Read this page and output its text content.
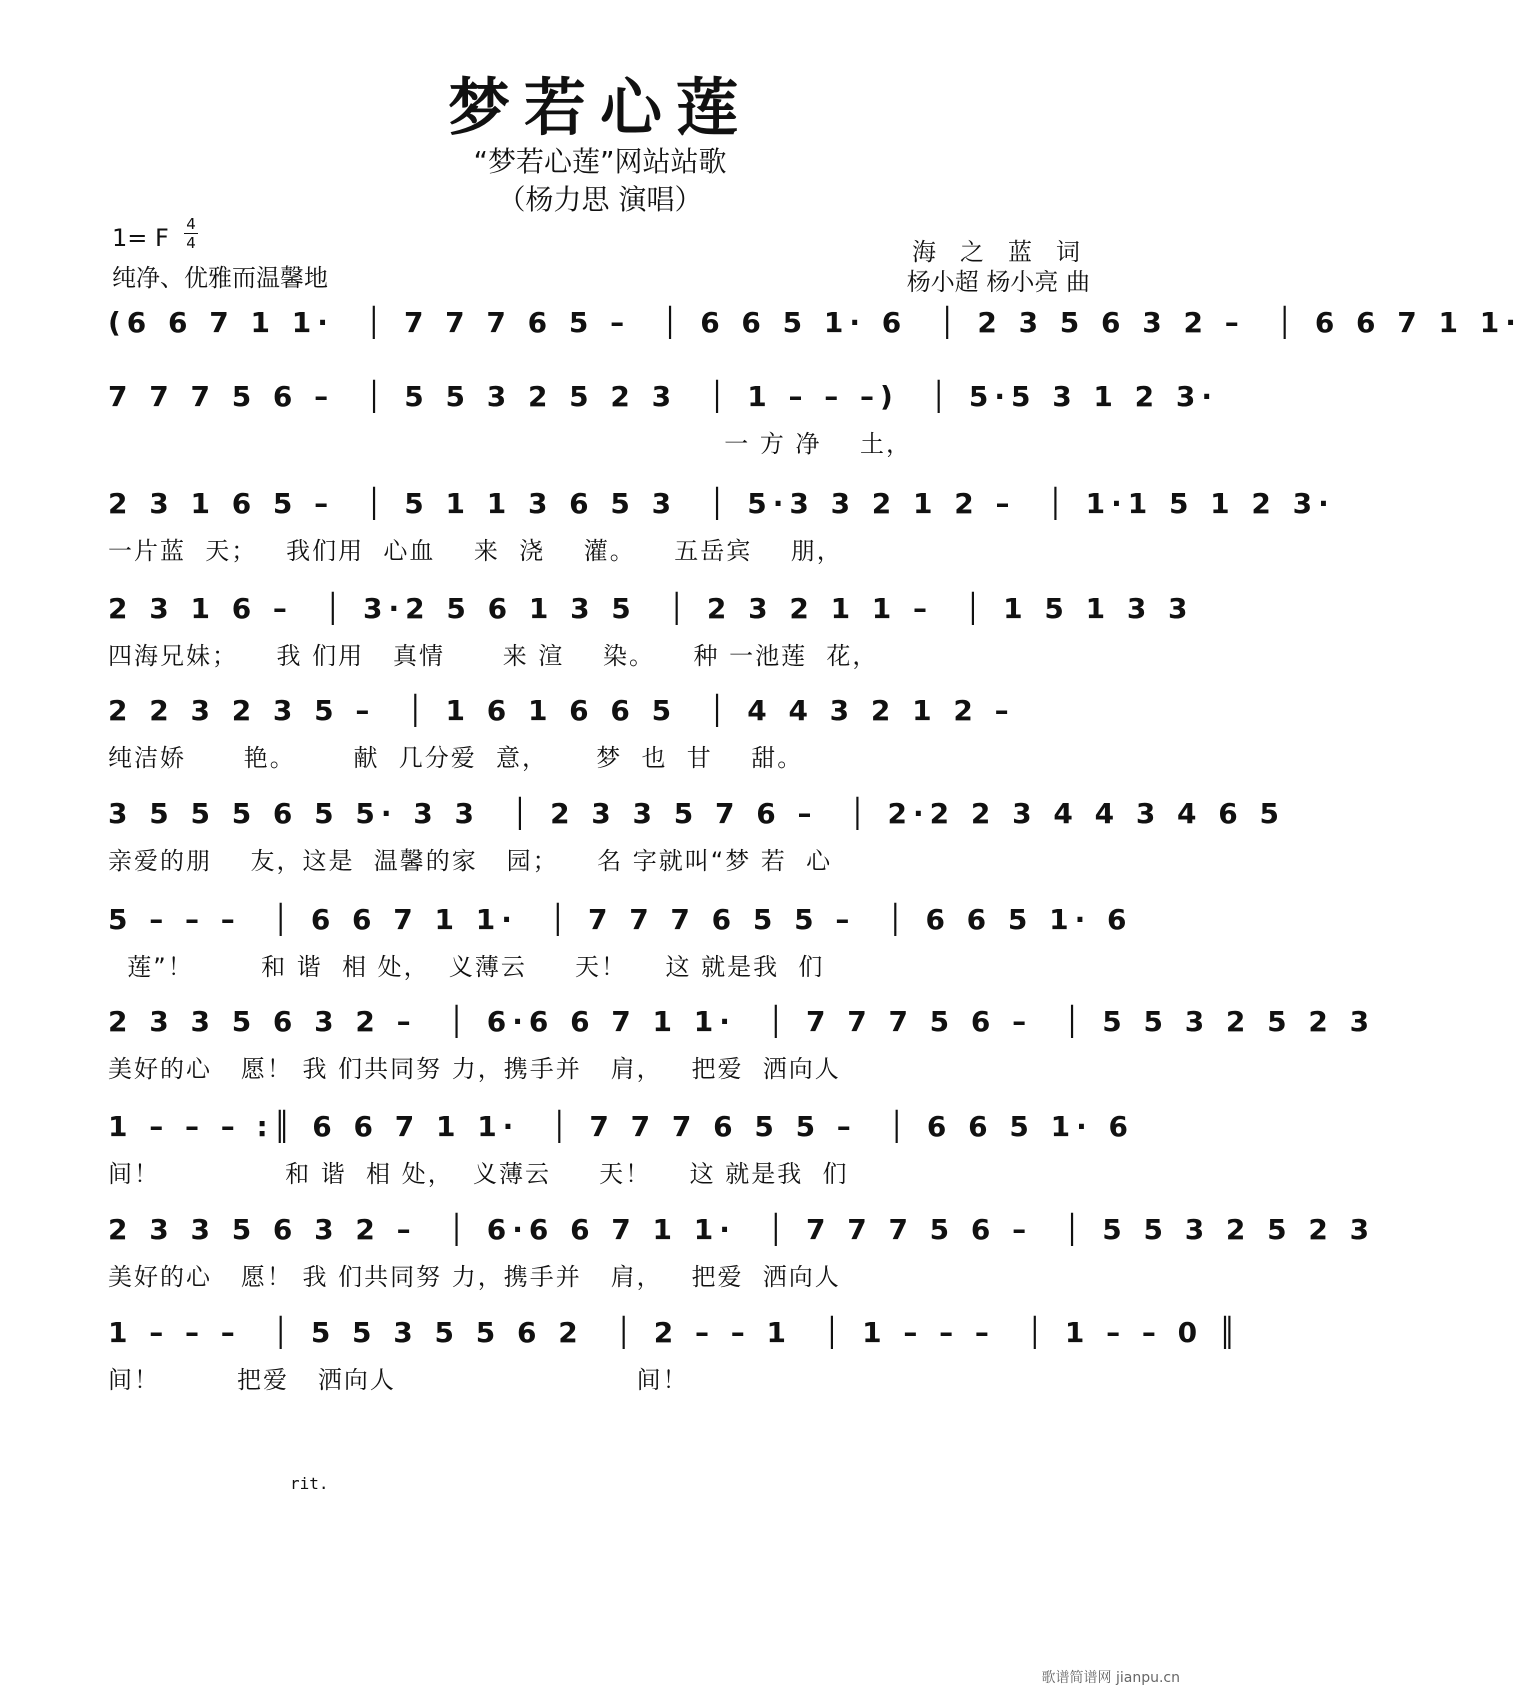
梦若心莲
“梦若心莲”网站站歌
（杨力思 演唱）
1= F 4
4
纯净、优雅而温馨地
海之蓝词
杨小超 杨小亮 曲
rit.
(6 6 7 1 1·  │ 7 7 7 6 5 –  │ 6 6 5 1· 6  │ 2 3 5 6 3 2 –  │ 6 6 7 1 1·
7 7 7 5 6 –  │ 5 5 3 2 5 2 3  │ 1 – – –)  │ 5·5 3 1 2 3·
一 方 净    土，
2 3 1 6 5 –  │ 5 1 1 3 6 5 3  │ 5·3 3 2 1 2 –  │ 1·1 5 1 2 3·
一片蓝  天；   我们用  心血    来  浇    灌。    五岳宾    朋，
2 3 1 6 –  │ 3·2 5 6 1 3 5  │ 2 3 2 1 1 –  │ 1 5 1 3 3
四海兄妹；    我 们用   真情      来 渲    染。    种 一池莲  花，
2 2 3 2 3 5 –  │ 1 6 1 6 6 5  │ 4 4 3 2 1 2 –
纯洁娇      艳。      献  几分爱  意，     梦  也  甘    甜。
3 5 5 5 6 5 5· 3 3  │ 2 3 3 5 7 6 –  │ 2·2 2 3 4 4 3 4 6 5
亲爱的朋    友，这是  温馨的家   园；    名 字就叫“梦 若  心
5 – – –  │ 6 6 7 1 1·  │ 7 7 7 6 5 5 –  │ 6 6 5 1· 6
莲”！       和 谐  相 处，  义薄云     天！    这 就是我  们
2 3 3 5 6 3 2 –  │ 6·6 6 7 1 1·  │ 7 7 7 5 6 –  │ 5 5 3 2 5 2 3
美好的心   愿！ 我 们共同努 力，携手并   肩，   把爱  洒向人
1 – – – :║ 6 6 7 1 1·  │ 7 7 7 6 5 5 –  │ 6 6 5 1· 6
间！             和 谐  相 处，  义薄云     天！    这 就是我  们
2 3 3 5 6 3 2 –  │ 6·6 6 7 1 1·  │ 7 7 7 5 6 –  │ 5 5 3 2 5 2 3
美好的心   愿！ 我 们共同努 力，携手并   肩，   把爱  洒向人
1 – – –  │ 5 5 3 5 5 6 2  │ 2 – – 1  │ 1 – – –  │ 1 – – 0 ║
间！        把爱   洒向人                         间！
歌谱简谱网 jianpu.cn
